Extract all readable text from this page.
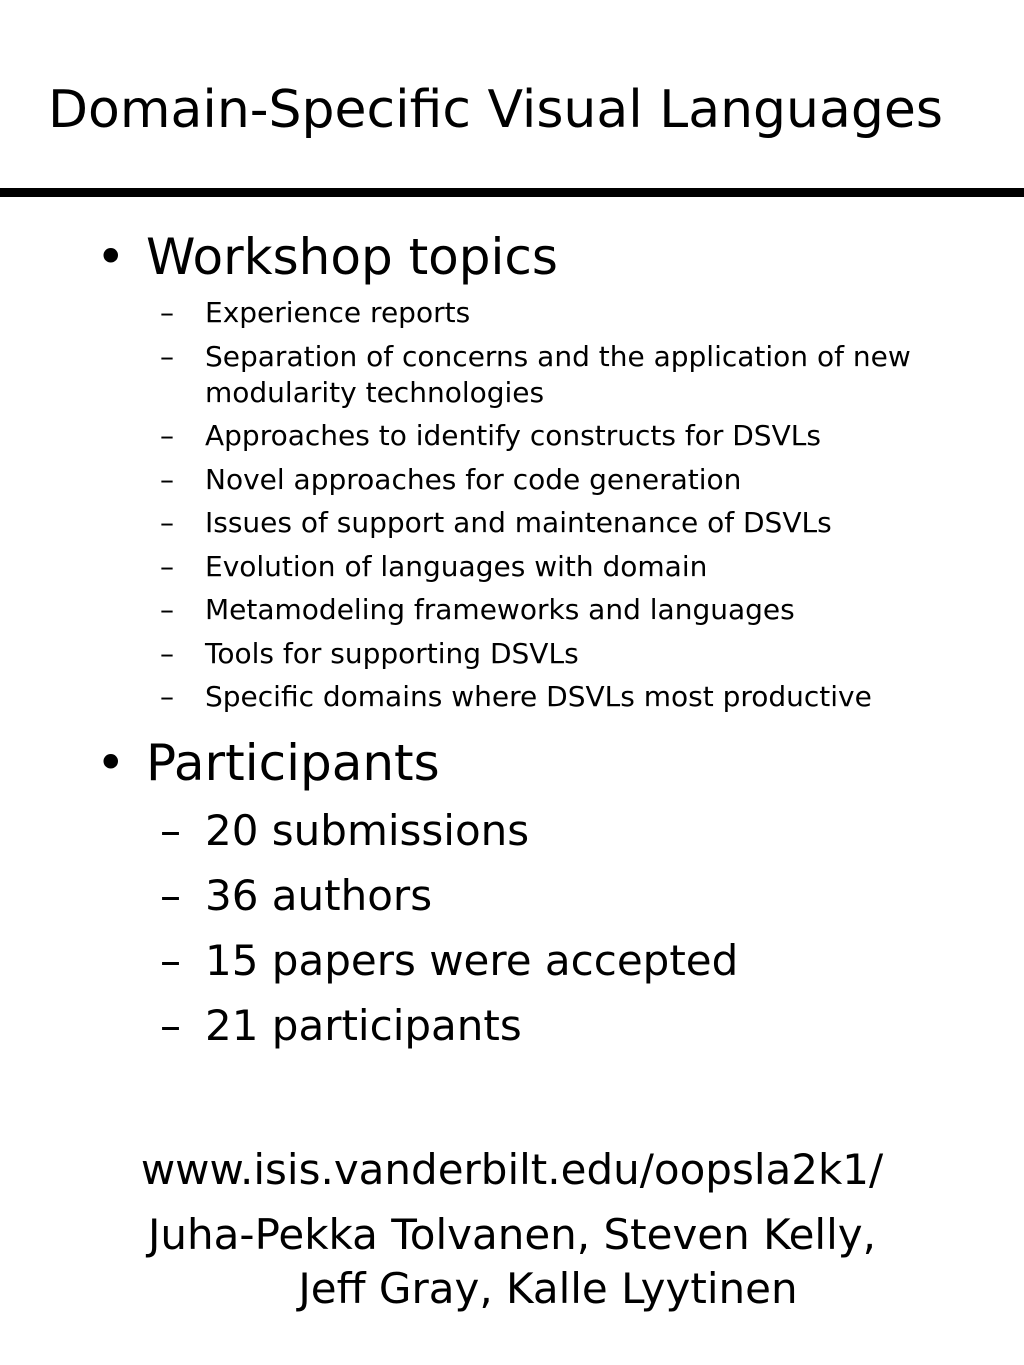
Domain-Specific Visual Languages
• Workshop topics
–	Experience reports
–	Separation of concerns and the application of new modularity technologies
–	Approaches to identify constructs for DSVLs
–	Novel approaches for code generation
–	Issues of support and maintenance of DSVLs
–	Evolution of languages with domain
–	Metamodeling frameworks and languages
–	Tools for supporting DSVLs
–	Specific domains where DSVLs most productive
• Participants
– 20 submissions
– 36 authors
– 15 papers were accepted
– 21 participants
www.isis.vanderbilt.edu/oopsla2k1/
Juha-Pekka Tolvanen, Steven Kelly,
Jeff Gray, Kalle Lyytinen
